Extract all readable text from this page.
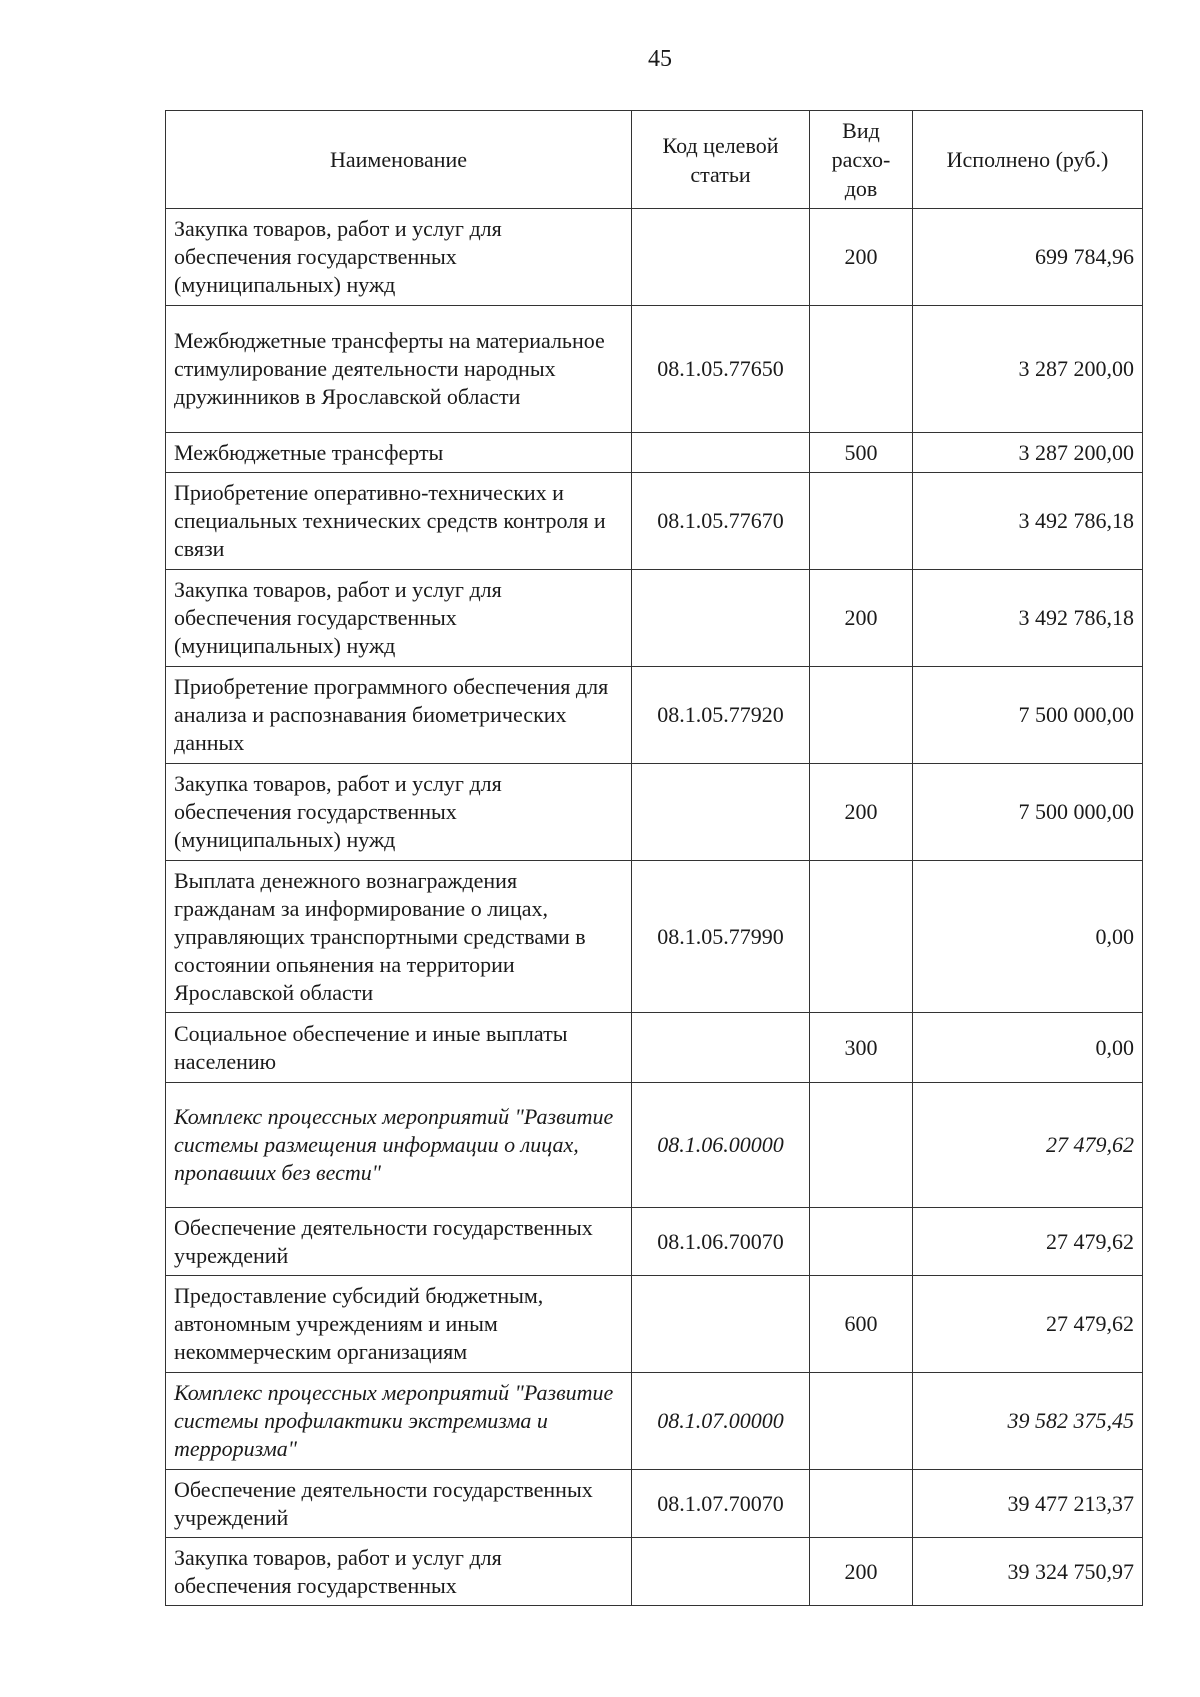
45
Наименование	Код целевой статьи	Вид расхо-дов	Исполнено (руб.)
Закупка товаров, работ и услуг для обеспечения государственных (муниципальных) нужд		200	699 784,96
Межбюджетные трансферты на материальное стимулирование деятельности народных дружинников в Ярославской области	08.1.05.77650		3 287 200,00
Межбюджетные трансферты		500	3 287 200,00
Приобретение оперативно-технических и специальных технических средств контроля и связи	08.1.05.77670		3 492 786,18
Закупка товаров, работ и услуг для обеспечения государственных (муниципальных) нужд		200	3 492 786,18
Приобретение программного обеспечения для анализа и распознавания биометрических данных	08.1.05.77920		7 500 000,00
Закупка товаров, работ и услуг для обеспечения государственных (муниципальных) нужд		200	7 500 000,00
Выплата денежного вознаграждения гражданам за информирование о лицах, управляющих транспортными средствами в состоянии опьянения на территории Ярославской области	08.1.05.77990		0,00
Социальное обеспечение и иные выплаты населению		300	0,00
Комплекс процессных мероприятий "Развитие системы размещения информации о лицах, пропавших без вести"	08.1.06.00000		27 479,62
Обеспечение деятельности государственных учреждений	08.1.06.70070		27 479,62
Предоставление субсидий бюджетным, автономным учреждениям и иным некоммерческим организациям		600	27 479,62
Комплекс процессных мероприятий "Развитие системы профилактики экстремизма и терроризма"	08.1.07.00000		39 582 375,45
Обеспечение деятельности государственных учреждений	08.1.07.70070		39 477 213,37
Закупка товаров, работ и услуг для обеспечения государственных		200	39 324 750,97
